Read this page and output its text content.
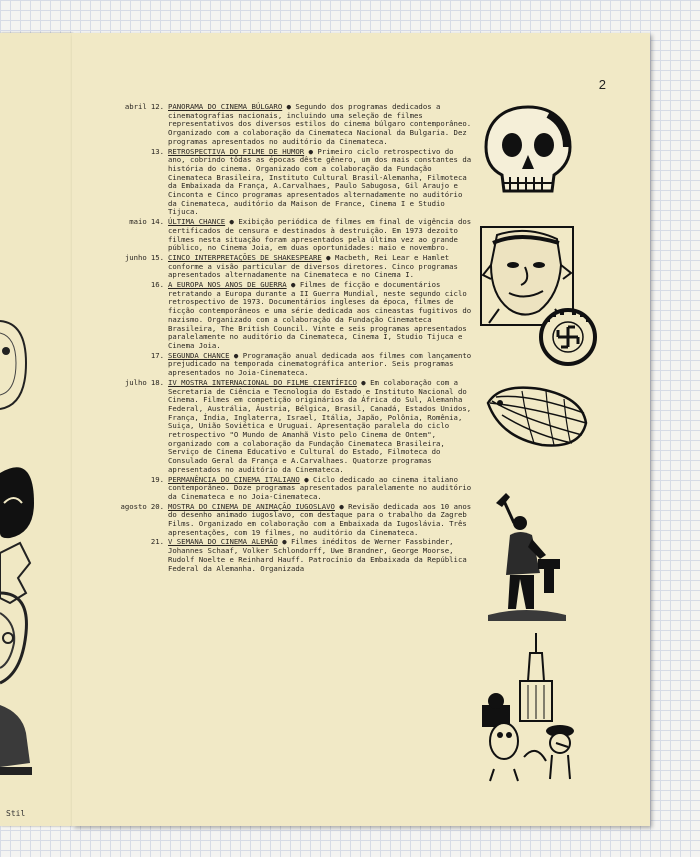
Stil
2
abril 12. PANORAMA DO CINEMA BÚLGARO ● Segundo dos programas dedicados a cinematografias nacionais, incluindo uma seleção de filmes representativos dos diversos estilos do cinema búlgaro contemporâneo. Organizado com a colaboração da Cinemateca Nacional da Bulgaria. Dez programas apresentados no auditório da Cinemateca.
13. RETROSPECTIVA DO FILME DE HUMOR ● Primeiro ciclo retrospectivo do ano, cobrindo tôdas as épocas dêste gênero, um dos mais constantes da história do cinema. Organizado com a colaboração da Fundação Cinemateca Brasileira, Instituto Cultural Brasil-Alemanha, Filmoteca da Embaixada da França, A.Carvalhaes, Paulo Sabugosa, Gil Araujo e Cinconta e Cinco programas apresentados alternadamente no auditório da Cinemateca, auditório da Maison de France, Cinema I e Studio Tijuca.
maio 14. ÚLTIMA CHANCE ● Exibição periódica de filmes em final de vigência dos certificados de censura e destinados à destruição. Em 1973 dezoito filmes nesta situação foram apresentados pela última vez ao grande público, no Cinema Joia, em duas oportunidades: maio e novembro.
junho 15. CINCO INTERPRETAÇÕES DE SHAKESPEARE ● Macbeth, Rei Lear e Hamlet conforme a visão particular de diversos diretores. Cinco programas apresentados alternadamente na Cinemateca e no Cinema I.
16. A EUROPA NOS ANOS DE GUERRA ● Filmes de ficção e documentários retratando a Europa durante a II Guerra Mundial, neste segundo ciclo retrospectivo de 1973. Documentários ingleses da época, filmes de ficção contemporâneos e uma série dedicada aos cineastas fugitivos do nazismo. Organizado com a colaboração da Fundação Cinemateca Brasileira, The British Council. Vinte e seis programas apresentados paralelamente no auditório da Cinemateca, Cinema I, Studio Tijuca e Cinema Joia.
17. SEGUNDA CHANCE ● Programação anual dedicada aos filmes com lançamento prejudicado na temporada cinematográfica anterior. Seis programas apresentados no Joia-Cinemateca.
julho 18. IV MOSTRA INTERNACIONAL DO FILME CIENTÍFICO ● Em colaboração com a Secretaria de Ciência e Tecnologia do Estado e Instituto Nacional do Cinema. Filmes em competição originários da África do Sul, Alemanha Federal, Austrália, Áustria, Bélgica, Brasil, Canadá, Estados Unidos, França, Índia, Inglaterra, Israel, Itália, Japão, Polônia, Romênia, Suiça, União Soviética e Uruguai. Apresentação paralela do ciclo retrospectivo "O Mundo de Amanhã Visto pelo Cinema de Ontem", organizado com a colaboração da Fundação Cinemateca Brasileira, Serviço de Cinema Educativo e Cultural do Estado, Filmoteca do Consulado Geral da França e A.Carvalhaes. Quatorze programas apresentados no auditório da Cinemateca.
19. PERMANÊNCIA DO CINEMA ITALIANO ● Ciclo dedicado ao cinema italiano contemporâneo. Doze programas apresentados paralelamente no auditório da Cinemateca e no Joia-Cinemateca.
agosto 20. MOSTRA DO CINEMA DE ANIMAÇÃO IUGOSLAVO ● Revisão dedicada aos 10 anos do desenho animado iugoslavo, com destaque para o trabalho da Zagreb Films. Organizado em colaboração com a Embaixada da Iugoslávia. Três apresentações, com 19 filmes, no auditório da Cinemateca.
21. V SEMANA DO CINEMA ALEMÃO ● Filmes inéditos de Werner Fassbinder, Johannes Schaaf, Volker Schlondorff, Uwe Brandner, George Moorse, Rudolf Noelte e Reinhard Hauff. Patrocínio da Embaixada da República Federal da Alemanha. Organizada
